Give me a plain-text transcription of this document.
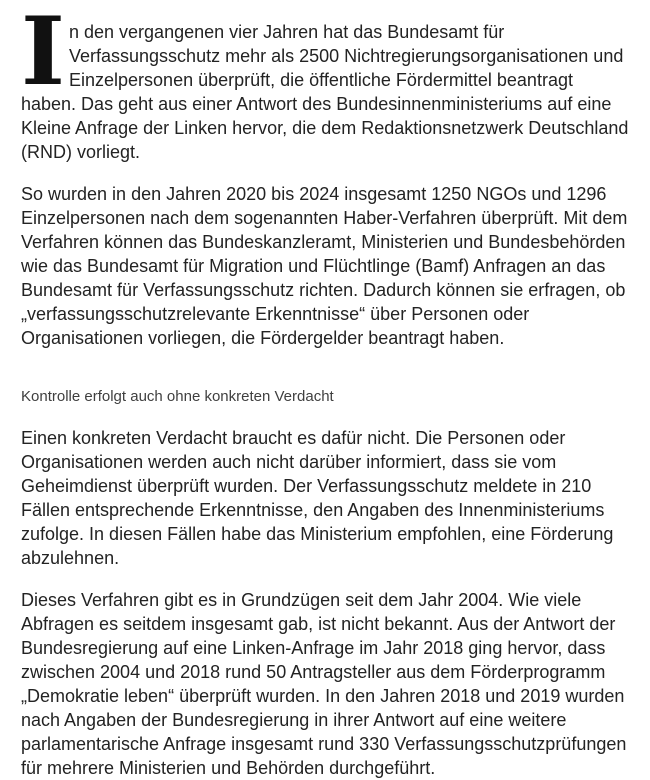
In den vergangenen vier Jahren hat das Bundesamt für Verfassungsschutz mehr als 2500 Nichtregierungsorganisationen und Einzelpersonen überprüft, die öffentliche Fördermittel beantragt haben. Das geht aus einer Antwort des Bundesinnenministeriums auf eine Kleine Anfrage der Linken hervor, die dem Redaktionsnetzwerk Deutschland (RND) vorliegt.

So wurden in den Jahren 2020 bis 2024 insgesamt 1250 NGOs und 1296 Einzelpersonen nach dem sogenannten Haber-Verfahren überprüft. Mit dem Verfahren können das Bundeskanzleramt, Ministerien und Bundesbehörden wie das Bundesamt für Migration und Flüchtlinge (Bamf) Anfragen an das Bundesamt für Verfassungsschutz richten. Dadurch können sie erfragen, ob „verfassungsschutzrelevante Erkenntnisse“ über Personen oder Organisationen vorliegen, die Fördergelder beantragt haben.

Kontrolle erfolgt auch ohne konkreten Verdacht

Einen konkreten Verdacht braucht es dafür nicht. Die Personen oder Organisationen werden auch nicht darüber informiert, dass sie vom Geheimdienst überprüft wurden. Der Verfassungsschutz meldete in 210 Fällen entsprechende Erkenntnisse, den Angaben des Innenministeriums zufolge. In diesen Fällen habe das Ministerium empfohlen, eine Förderung abzulehnen.

Dieses Verfahren gibt es in Grundzügen seit dem Jahr 2004. Wie viele Abfragen es seitdem insgesamt gab, ist nicht bekannt. Aus der Antwort der Bundesregierung auf eine Linken-Anfrage im Jahr 2018 ging hervor, dass zwischen 2004 und 2018 rund 50 Antragsteller aus dem Förderprogramm „Demokratie leben“ überprüft wurden. In den Jahren 2018 und 2019 wurden nach Angaben der Bundesregierung in ihrer Antwort auf eine weitere parlamentarische Anfrage insgesamt rund 330 Verfassungsschutzprüfungen für mehrere Ministerien und Behörden durchgeführt.
